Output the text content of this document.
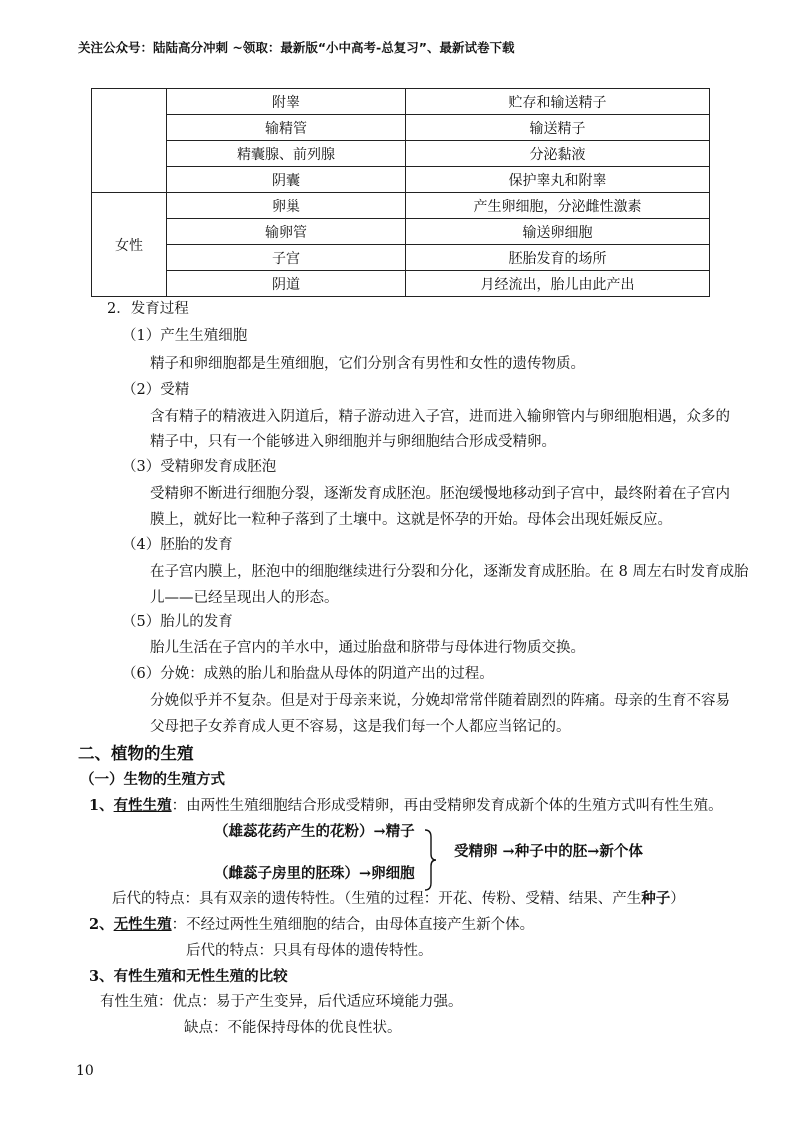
关注公众号：陆陆高分冲刺 ~领取：最新版“小中高考-总复习”、最新试卷下载
	附睾	贮存和输送精子
	输精管	输送精子
	精囊腺、前列腺	分泌黏液
	阴囊	保护睾丸和附睾
女性	卵巢	产生卵细胞，分泌雌性激素
	输卵管	输送卵细胞
	子宫	胚胎发育的场所
	阴道	月经流出，胎儿由此产出
2．发育过程
（1）产生生殖细胞
精子和卵细胞都是生殖细胞，它们分别含有男性和女性的遗传物质。
（2）受精
含有精子的精液进入阴道后，精子游动进入子宫，进而进入输卵管内与卵细胞相遇，众多的
精子中，只有一个能够进入卵细胞并与卵细胞结合形成受精卵。
（3）受精卵发育成胚泡
受精卵不断进行细胞分裂，逐渐发育成胚泡。胚泡缓慢地移动到子宫中，最终附着在子宫内
膜上，就好比一粒种子落到了土壤中。这就是怀孕的开始。母体会出现妊娠反应。
（4）胚胎的发育
在子宫内膜上，胚泡中的细胞继续进行分裂和分化，逐渐发育成胚胎。在 8 周左右时发育成胎
儿——已经呈现出人的形态。
（5）胎儿的发育
胎儿生活在子宫内的羊水中，通过胎盘和脐带与母体进行物质交换。
（6）分娩：成熟的胎儿和胎盘从母体的阴道产出的过程。
分娩似乎并不复杂。但是对于母亲来说，分娩却常常伴随着剧烈的阵痛。母亲的生育不容易
父母把子女养育成人更不容易，这是我们每一个人都应当铭记的。
二、植物的生殖
（一）生物的生殖方式
1、有性生殖：由两性生殖细胞结合形成受精卵，再由受精卵发育成新个体的生殖方式叫有性生殖。
（雄蕊花药产生的花粉）→精子
（雌蕊子房里的胚珠）→卵细胞
受精卵 →种子中的胚→新个体
后代的特点：具有双亲的遗传特性。（生殖的过程：开花、传粉、受精、结果、产生种子）
2、无性生殖：不经过两性生殖细胞的结合，由母体直接产生新个体。
后代的特点：只具有母体的遗传特性。
3、有性生殖和无性生殖的比较
有性生殖：优点：易于产生变异，后代适应环境能力强。
缺点：不能保持母体的优良性状。
10
